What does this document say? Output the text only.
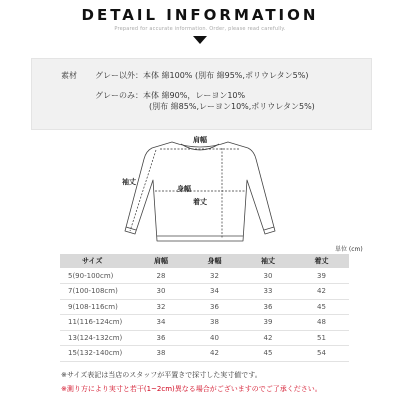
DETAIL INFORMATION
Prepared for accurate information. Order, please read carefully.
素材 グレー以外：本体 綿100% (別布 綿95%,ポリウレタン5%)
グレーのみ：本体 綿90%，レーヨン10%
(別布 綿85%,レーヨン10%,ポリウレタン5%)
肩幅
袖丈
身幅
着丈
単位 (cm)
サイズ	肩幅	身幅	袖丈	着丈
5(90-100cm)	28	32	30	39
7(100-108cm)	30	34	33	42
9(108-116cm)	32	36	36	45
11(116-124cm)	34	38	39	48
13(124-132cm)	36	40	42	51
15(132-140cm)	38	42	45	54
※サイズ表記は当店のスタッフが平置きで採寸した実寸値です。
※測り方により実寸と若干(1~2cm)異なる場合がございますのでご了承ください。
